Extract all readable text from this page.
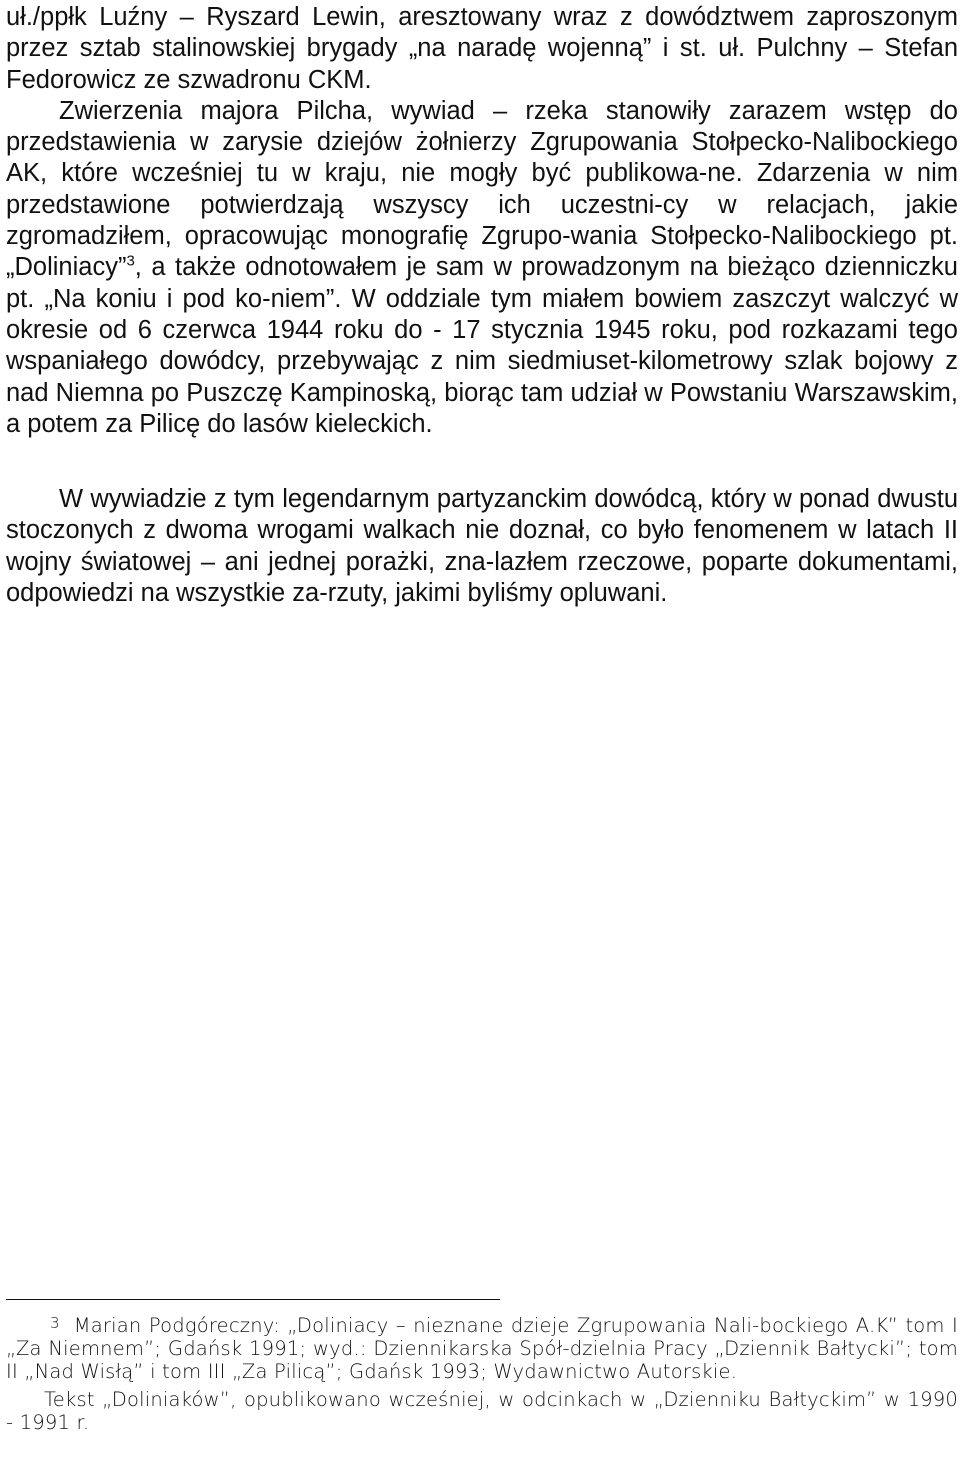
uł./ppłk Luźny – Ryszard Lewin, aresztowany wraz z dowództwem zaproszonym przez sztab stalinowskiej brygady „na naradę wojenną” i st. uł. Pulchny – Stefan Fedorowicz ze szwadronu CKM.

Zwierzenia majora Pilcha, wywiad – rzeka stanowiły zarazem wstęp do przedstawienia w zarysie dziejów żołnierzy Zgrupowania Stołpecko-Nalibockiego AK, które wcześniej tu w kraju, nie mogły być publikowa-ne. Zdarzenia w nim przedstawione potwierdzają wszyscy ich uczestni-cy w relacjach, jakie zgromadziłem, opracowując monografię Zgrupo-wania Stołpecko-Nalibockiego pt. „Doliniacy”$^3$, a także odnotowałem je sam w prowadzonym na bieżąco dzienniczku pt. „Na koniu i pod ko-niem”. W oddziale tym miałem bowiem zaszczyt walczyć w okresie od 6 czerwca 1944 roku do - 17 stycznia 1945 roku, pod rozkazami tego wspaniałego dowódcy, przebywając z nim siedmiuset-kilometrowy szlak bojowy z nad Niemna po Puszczę Kampinoską, biorąc tam udział w Powstaniu Warszawskim, a potem za Pilicę do lasów kieleckich.

W wywiadzie z tym legendarnym partyzanckim dowódcą, który w ponad dwustu stoczonych z dwoma wrogami walkach nie doznał, co było fenomenem w latach II wojny światowej – ani jednej porażki, zna-lazłem rzeczowe, poparte dokumentami, odpowiedzi na wszystkie za-rzuty, jakimi byliśmy opluwani.

$^3$ Marian Podgóreczny: „Doliniacy – nieznane dzieje Zgrupowania Nali-bockiego A.K” tom I „Za Niemnem”; Gdańsk 1991; wyd.: Dziennikarska Spół-dzielnia Pracy „Dziennik Bałtycki”; tom II „Nad Wisłą” i tom III „Za Pilicą”; Gdańsk 1993; Wydawnictwo Autorskie.

Tekst „Doliniaków”, opublikowano wcześniej, w odcinkach w „Dzienniku Bałtyckim” w 1990 - 1991 r.
